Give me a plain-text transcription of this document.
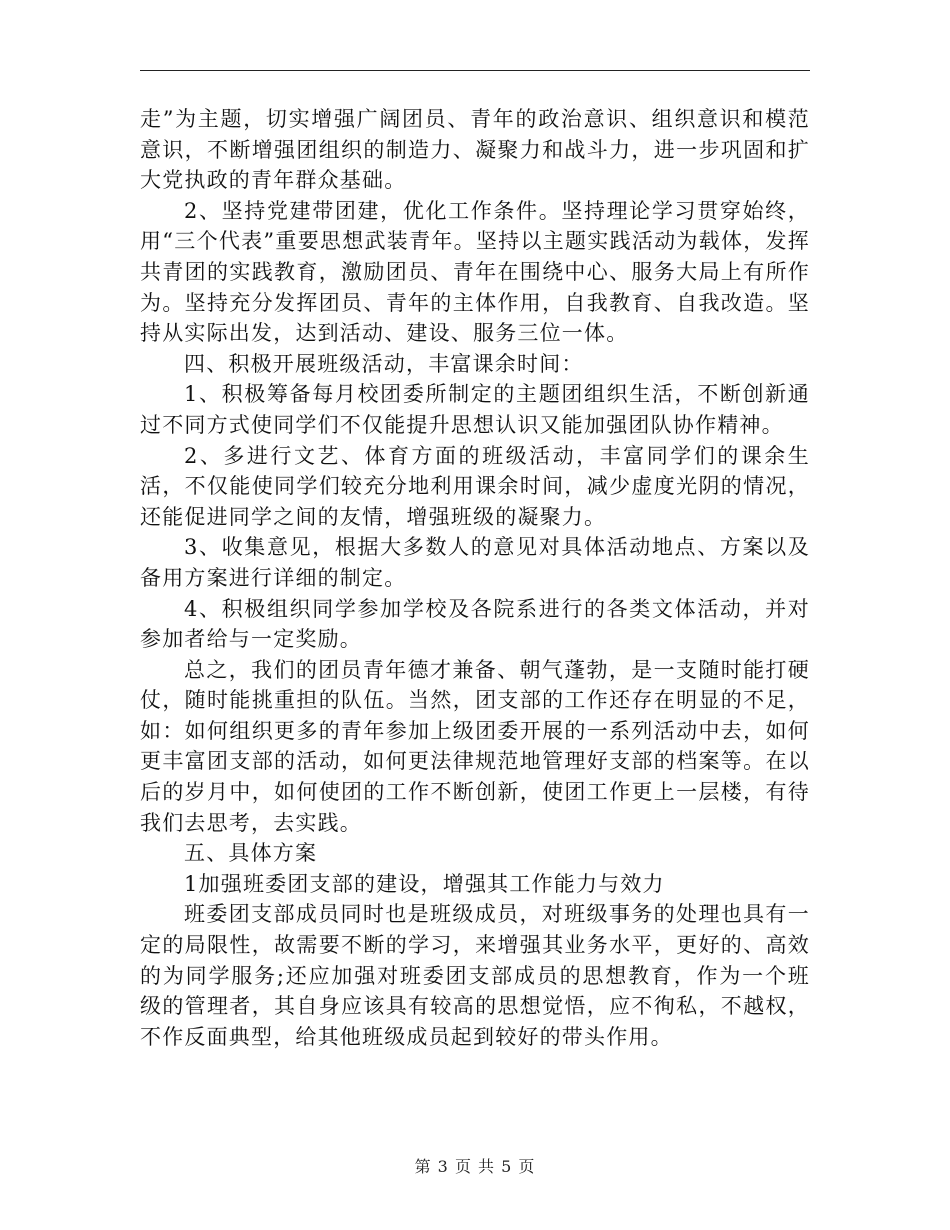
走”为主题，切实增强广阔团员、青年的政治意识、组织意识和模范意识，不断增强团组织的制造力、凝聚力和战斗力，进一步巩固和扩大党执政的青年群众基础。

2、坚持党建带团建，优化工作条件。坚持理论学习贯穿始终，用“三个代表”重要思想武装青年。坚持以主题实践活动为载体，发挥共青团的实践教育，激励团员、青年在围绕中心、服务大局上有所作为。坚持充分发挥团员、青年的主体作用，自我教育、自我改造。坚持从实际出发，达到活动、建设、服务三位一体。

四、积极开展班级活动，丰富课余时间：

1、积极筹备每月校团委所制定的主题团组织生活，不断创新通过不同方式使同学们不仅能提升思想认识又能加强团队协作精神。

2、多进行文艺、体育方面的班级活动，丰富同学们的课余生活，不仅能使同学们较充分地利用课余时间，减少虚度光阴的情况，还能促进同学之间的友情，增强班级的凝聚力。

3、收集意见，根据大多数人的意见对具体活动地点、方案以及备用方案进行详细的制定。

4、积极组织同学参加学校及各院系进行的各类文体活动，并对参加者给与一定奖励。

总之，我们的团员青年德才兼备、朝气蓬勃，是一支随时能打硬仗，随时能挑重担的队伍。当然，团支部的工作还存在明显的不足，如：如何组织更多的青年参加上级团委开展的一系列活动中去，如何更丰富团支部的活动，如何更法律规范地管理好支部的档案等。在以后的岁月中，如何使团的工作不断创新，使团工作更上一层楼，有待我们去思考，去实践。

五、具体方案

1加强班委团支部的建设，增强其工作能力与效力

班委团支部成员同时也是班级成员，对班级事务的处理也具有一定的局限性，故需要不断的学习，来增强其业务水平，更好的、高效的为同学服务;还应加强对班委团支部成员的思想教育，作为一个班级的管理者，其自身应该具有较高的思想觉悟，应不徇私，不越权，不作反面典型，给其他班级成员起到较好的带头作用。

第 3 页 共 5 页
